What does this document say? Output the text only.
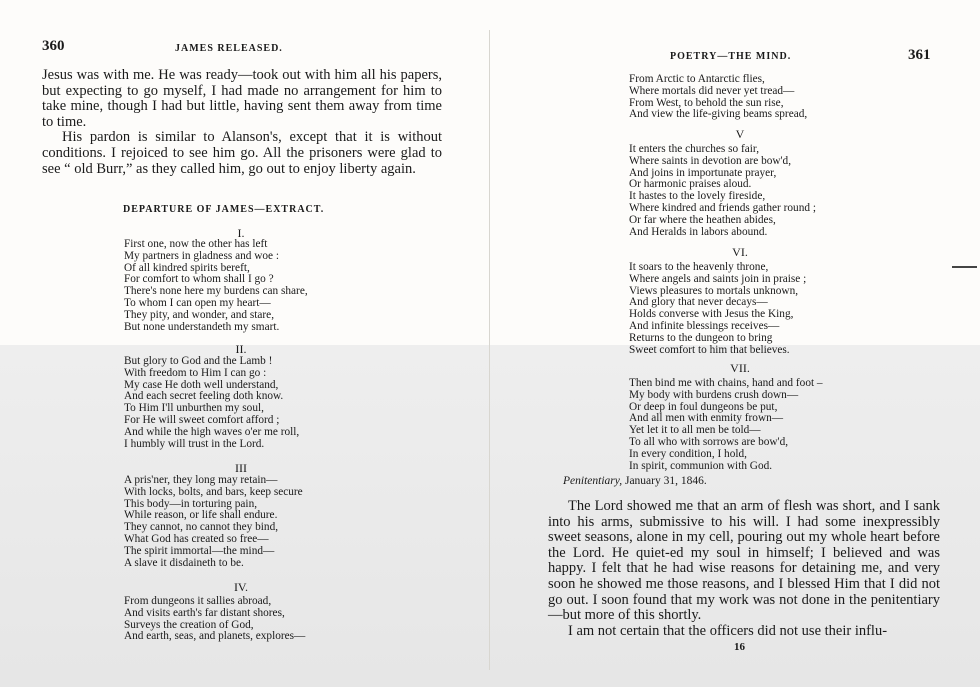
360	JAMES RELEASED.

Jesus was with me. He was ready—took out with him all his papers, but expecting to go myself, I had made no arrangement for him to take mine, though I had but little, having sent them away from time to time.

His pardon is similar to Alanson's, except that it is without conditions. I rejoiced to see him go. All the prisoners were glad to see “ old Burr,” as they called him, go out to enjoy liberty again.

DEPARTURE OF JAMES—EXTRACT.
I.
First one, now the other has left
My partners in gladness and woe :
Of all kindred spirits bereft,
For comfort to whom shall I go ?
There's none here my burdens can share,
To whom I can open my heart—
They pity, and wonder, and stare,
But none understandeth my smart.
II.
But glory to God and the Lamb !
With freedom to Him I can go :
My case He doth well understand,
And each secret feeling doth know.
To Him I'll unburthen my soul,
For He will sweet comfort afford ;
And while the high waves o'er me roll,
I humbly will trust in the Lord.
III
A pris'ner, they long may retain—
With locks, bolts, and bars, keep secure
This body—in torturing pain,
While reason, or life shall endure.
They cannot, no cannot they bind,
What God has created so free—
The spirit immortal—the mind—
A slave it disdaineth to be.
IV.
From dungeons it sallies abroad,
And visits earth's far distant shores,
Surveys the creation of God,
And earth, seas, and planets, explores—
POETRY—THE MIND.	361
From Arctic to Antarctic flies,
Where mortals did never yet tread—
From West, to behold the sun rise,
And view the life-giving beams spread,
V
It enters the churches so fair,
Where saints in devotion are bow'd,
And joins in importunate prayer,
Or harmonic praises aloud.
It hastes to the lovely fireside,
Where kindred and friends gather round ;
Or far where the heathen abides,
And Heralds in labors abound.
VI.
It soars to the heavenly throne,
Where angels and saints join in praise ;
Views pleasures to mortals unknown,
And glory that never decays—
Holds converse with Jesus the King,
And infinite blessings receives—
Returns to the dungeon to bring
Sweet comfort to him that believes.
VII.
Then bind me with chains, hand and foot –
My body with burdens crush down—
Or deep in foul dungeons be put,
And all men with enmity frown—
Yet let it to all men be told—
To all who with sorrows are bow'd,
In every condition, I hold,
In spirit, communion with God.
Penitentiary, January 31, 1846.

The Lord showed me that an arm of flesh was short, and I sank into his arms, submissive to his will. I had some inexpressibly sweet seasons, alone in my cell, pouring out my whole heart before the Lord. He quiet-ed my soul in himself; I believed and was happy. I felt that he had wise reasons for detaining me, and very soon he showed me those reasons, and I blessed Him that I did not go out. I soon found that my work was not done in the penitentiary—but more of this shortly.

I am not certain that the officers did not use their influ-

16
